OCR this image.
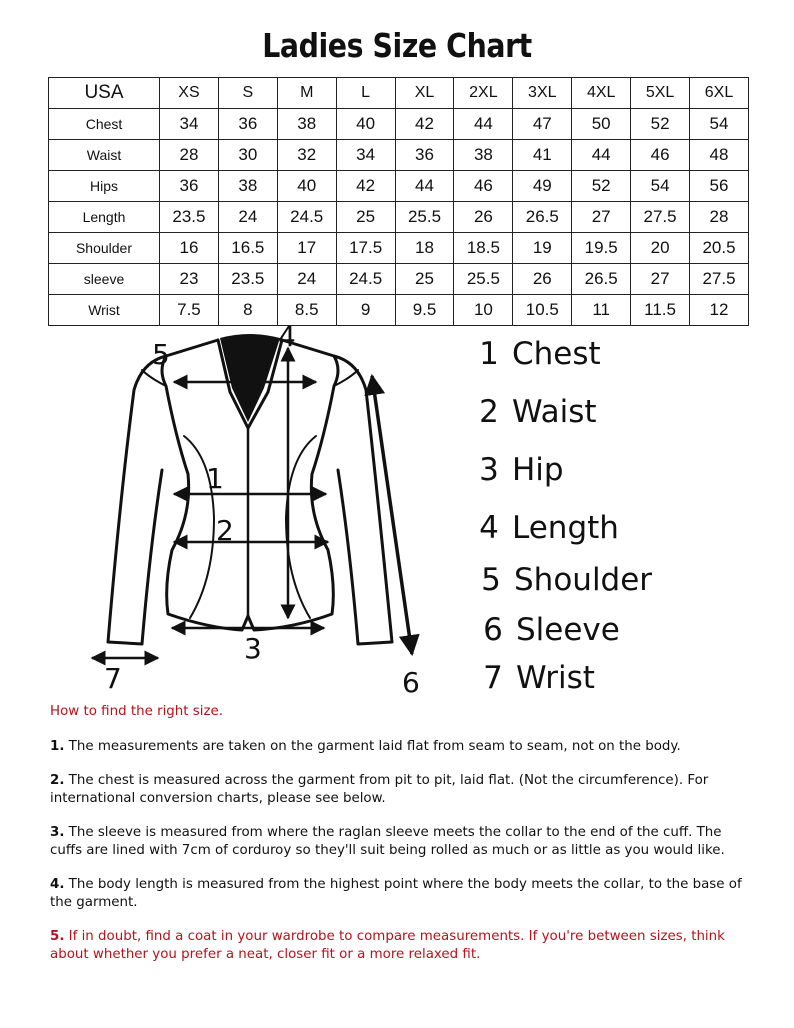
Ladies Size Chart
USA	XS	S	M	L	XL	2XL	3XL	4XL	5XL	6XL
Chest	34	36	38	40	42	44	47	50	52	54
Waist	28	30	32	34	36	38	41	44	46	48
Hips	36	38	40	42	44	46	49	52	54	56
Length	23.5	24	24.5	25	25.5	26	26.5	27	27.5	28
Shoulder	16	16.5	17	17.5	18	18.5	19	19.5	20	20.5
sleeve	23	23.5	24	24.5	25	25.5	26	26.5	27	27.5
Wrist	7.5	8	8.5	9	9.5	10	10.5	11	11.5	12
1
2
3
4
5
6
7
1 Chest
2 Waist
3 Hip
4 Length
5 Shoulder
6 Sleeve
7 Wrist
How to find the right size.

1. The measurements are taken on the garment laid flat from seam to seam, not on the body.

2. The chest is measured across the garment from pit to pit, laid flat. (Not the circumference). For international conversion charts, please see below.

3. The sleeve is measured from where the raglan sleeve meets the collar to the end of the cuff. The cuffs are lined with 7cm of corduroy so they'll suit being rolled as much or as little as you would like.

4. The body length is measured from the highest point where the body meets the collar, to the base of the garment.

5. If in doubt, find a coat in your wardrobe to compare measurements. If you're between sizes, think about whether you prefer a neat, closer fit or a more relaxed fit.
